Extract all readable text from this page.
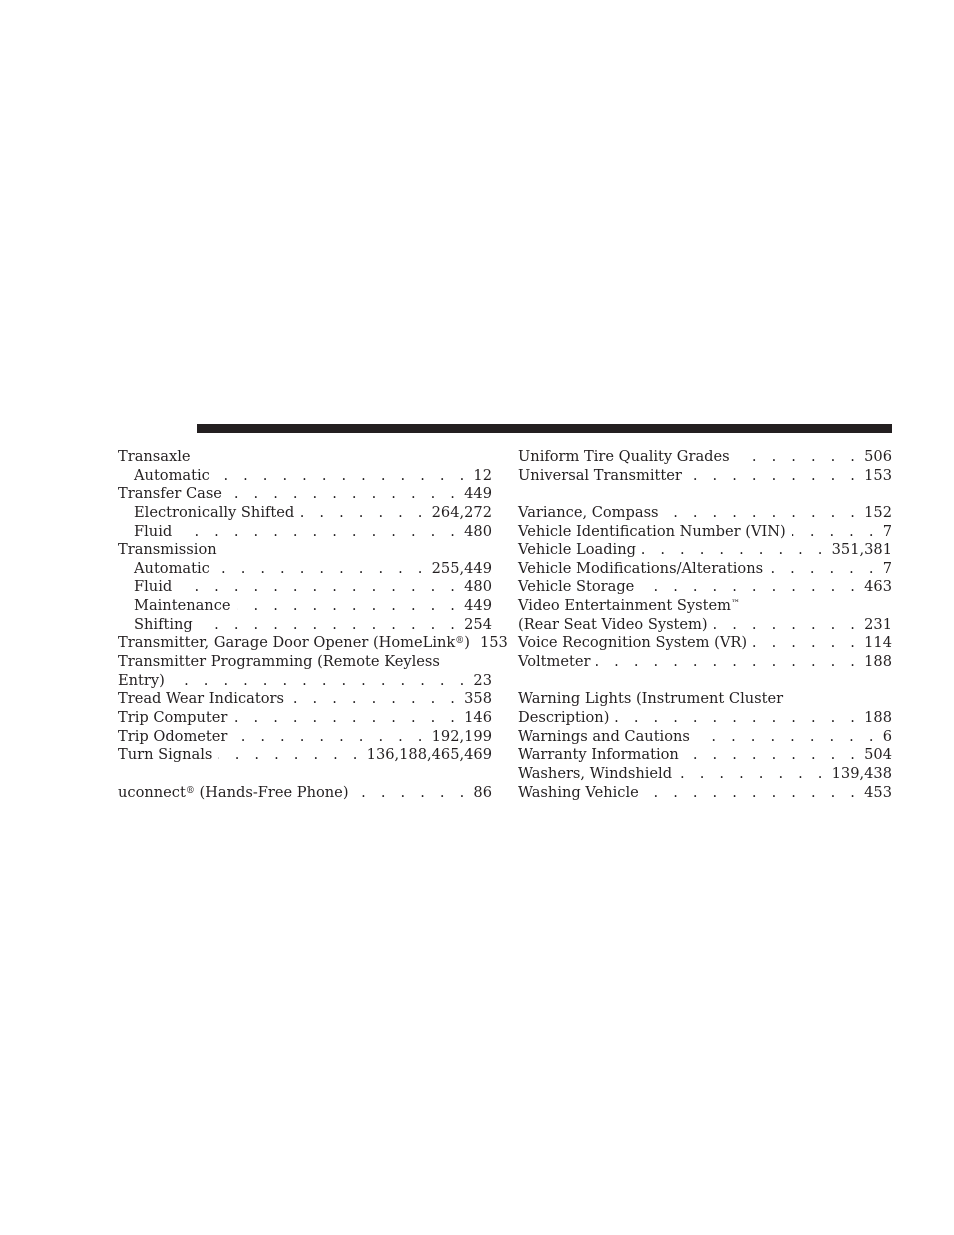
Transaxle
Automatic . . .	12
Transfer Case . . .	449
Electronically Shifted . . .	264,272
Fluid . . .	480
Transmission
Automatic . . .	255,449
Fluid . . .	480
Maintenance . . .	449
Shifting . . .	254
Transmitter, Garage Door Opener (HomeLink®) 153
Transmitter Programming (Remote Keyless
Entry) . . .	23
Tread Wear Indicators . . .	358
Trip Computer . . .	146
Trip Odometer . . .	192,199
Turn Signals . . .	136,188,465,469
uconnect® (Hands-Free Phone) . . .	86
Uniform Tire Quality Grades . . .	506
Universal Transmitter . . .	153
Variance, Compass . . .	152
Vehicle Identification Number (VIN) . . .	7
Vehicle Loading . . .	351,381
Vehicle Modifications/Alterations . . .	7
Vehicle Storage . . .	463
Video Entertainment System™
(Rear Seat Video System) . . .	231
Voice Recognition System (VR) . . .	114
Voltmeter . . .	188
Warning Lights (Instrument Cluster
Description) . . .	188
Warnings and Cautions . . .	6
Warranty Information . . .	504
Washers, Windshield . . .	139,438
Washing Vehicle . . .	453
